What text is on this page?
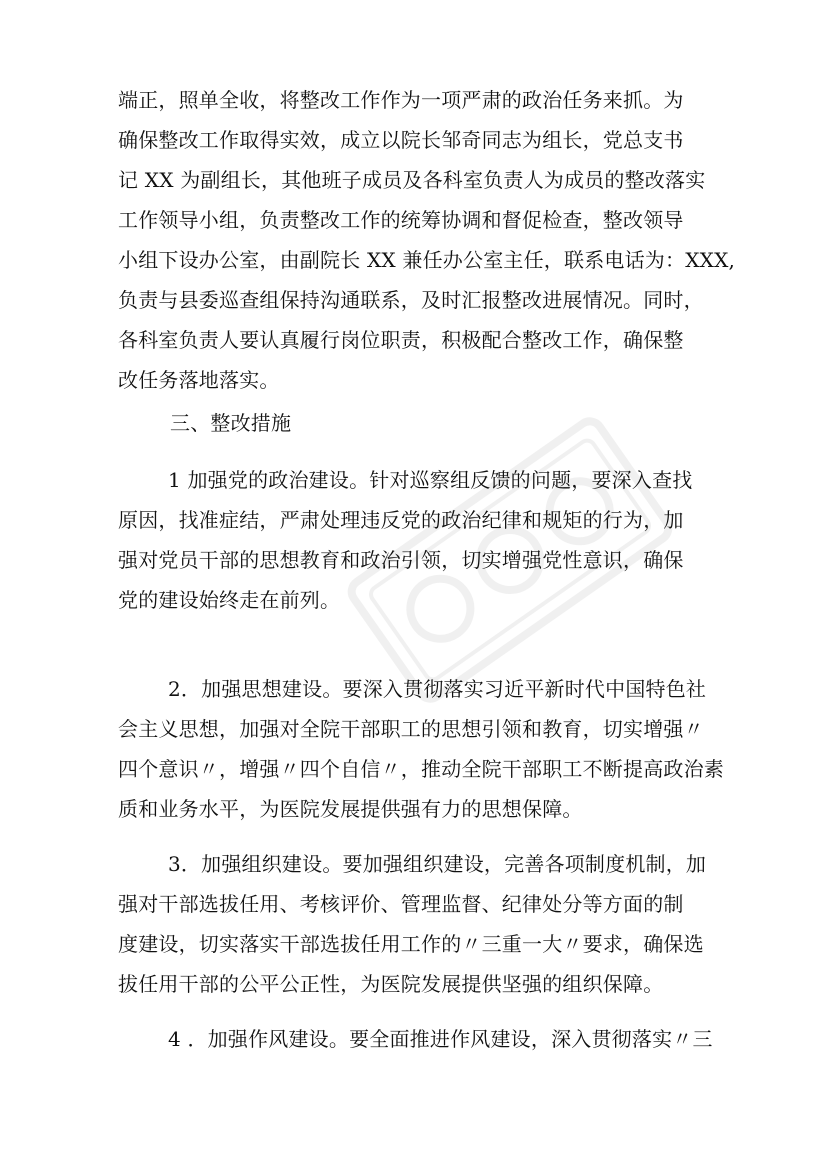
端正，照单全收，将整改工作作为一项严肃的政治任务来抓。为
确保整改工作取得实效，成立以院长邹奇同志为组长，党总支书
记 XX 为副组长，其他班子成员及各科室负责人为成员的整改落实
工作领导小组，负责整改工作的统筹协调和督促检查，整改领导
小组下设办公室，由副院长 XX 兼任办公室主任，联系电话为：XXX,
负责与县委巡查组保持沟通联系，及时汇报整改进展情况。同时，
各科室负责人要认真履行岗位职责，积极配合整改工作，确保整
改任务落地落实。
三、整改措施
1 加强党的政治建设。针对巡察组反馈的问题，要深入查找
原因，找准症结，严肃处理违反党的政治纪律和规矩的行为，加
强对党员干部的思想教育和政治引领，切实增强党性意识，确保
党的建设始终走在前列。
2．加强思想建设。要深入贯彻落实习近平新时代中国特色社
会主义思想，加强对全院干部职工的思想引领和教育，切实增强〃
四个意识〃，增强〃四个自信〃，推动全院干部职工不断提高政治素
质和业务水平，为医院发展提供强有力的思想保障。
3．加强组织建设。要加强组织建设，完善各项制度机制，加
强对干部选拔任用、考核评价、管理监督、纪律处分等方面的制
度建设，切实落实干部选拔任用工作的〃三重一大〃要求，确保选
拔任用干部的公平公正性，为医院发展提供坚强的组织保障。
4 ．加强作风建设。要全面推进作风建设，深入贯彻落实〃三
